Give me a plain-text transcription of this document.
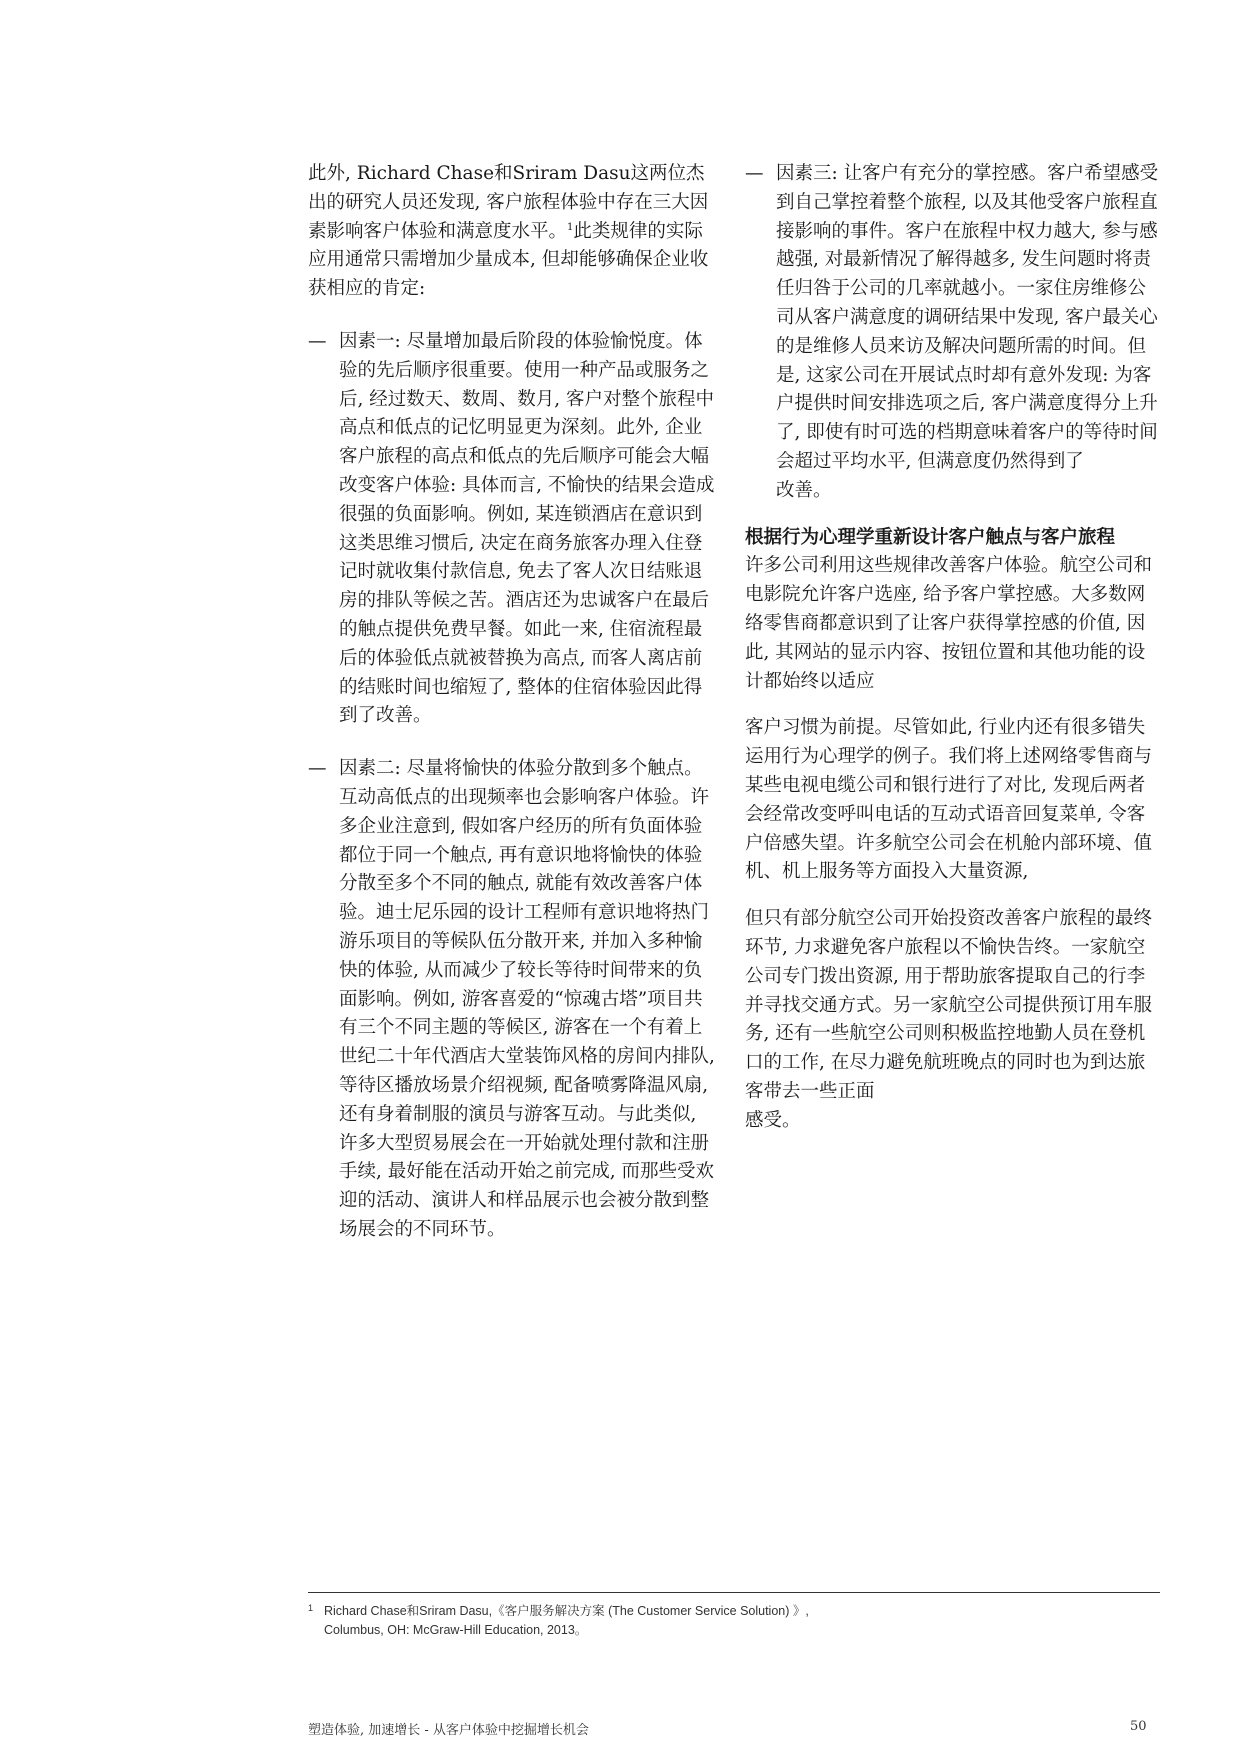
此外, Richard Chase和Sriram Dasu这两位杰出的研究人员还发现, 客户旅程体验中存在三大因素影响客户体验和满意度水平。$^1$此类规律的实际应用通常只需增加少量成本, 但却能够确保企业收获相应的肯定:

— 因素一: 尽量增加最后阶段的体验愉悦度。体验的先后顺序很重要。使用一种产品或服务之后, 经过数天、数周、数月, 客户对整个旅程中高点和低点的记忆明显更为深刻。此外, 企业客户旅程的高点和低点的先后顺序可能会大幅改变客户体验: 具体而言, 不愉快的结果会造成很强的负面影响。例如, 某连锁酒店在意识到这类思维习惯后, 决定在商务旅客办理入住登记时就收集付款信息, 免去了客人次日结账退房的排队等候之苦。酒店还为忠诚客户在最后的触点提供免费早餐。如此一来, 住宿流程最后的体验低点就被替换为高点, 而客人离店前的结账时间也缩短了, 整体的住宿体验因此得到了改善。
— 因素二: 尽量将愉快的体验分散到多个触点。 互动高低点的出现频率也会影响客户体验。许多企业注意到, 假如客户经历的所有负面体验都位于同一个触点, 再有意识地将愉快的体验分散至多个不同的触点, 就能有效改善客户体验。迪士尼乐园的设计工程师有意识地将热门游乐项目的等候队伍分散开来, 并加入多种愉快的体验, 从而减少了较长等待时间带来的负面影响。例如, 游客喜爱的“惊魂古塔”项目共有三个不同主题的等候区, 游客在一个有着上世纪二十年代酒店大堂装饰风格的房间内排队, 等待区播放场景介绍视频, 配备喷雾降温风扇, 还有身着制服的演员与游客互动。与此类似, 许多大型贸易展会在一开始就处理付款和注册手续, 最好能在活动开始之前完成, 而那些受欢迎的活动、演讲人和样品展示也会被分散到整场展会的不同环节。
— 因素三: 让客户有充分的掌控感。客户希望感受到自己掌控着整个旅程, 以及其他受客户旅程直接影响的事件。客户在旅程中权力越大, 参与感越强, 对最新情况了解得越多, 发生问题时将责任归咎于公司的几率就越小。一家住房维修公司从客户满意度的调研结果中发现, 客户最关心的是维修人员来访及解决问题所需的时间。但是, 这家公司在开展试点时却有意外发现: 为客户提供时间安排选项之后, 客户满意度得分上升了, 即使有时可选的档期意味着客户的等待时间会超过平均水平, 但满意度仍然得到了
改善。

根据行为心理学重新设计客户触点与客户旅程

许多公司利用这些规律改善客户体验。航空公司和电影院允许客户选座, 给予客户掌控感。大多数网络零售商都意识到了让客户获得掌控感的价值, 因此, 其网站的显示内容、按钮位置和其他功能的设计都始终以适应

客户习惯为前提。尽管如此, 行业内还有很多错失运用行为心理学的例子。我们将上述网络零售商与某些电视电缆公司和银行进行了对比, 发现后两者会经常改变呼叫电话的互动式语音回复菜单, 令客户倍感失望。许多航空公司会在机舱内部环境、值机、机上服务等方面投入大量资源,

但只有部分航空公司开始投资改善客户旅程的最终环节, 力求避免客户旅程以不愉快告终。一家航空公司专门拨出资源, 用于帮助旅客提取自己的行李并寻找交通方式。另一家航空公司提供预订用车服务, 还有一些航空公司则积极监控地勤人员在登机口的工作, 在尽力避免航班晚点的同时也为到达旅客带去一些正面
感受。

1 Richard Chase和Sriram Dasu,《客户服务解决方案 (The Customer Service Solution) 》,
Columbus, OH: McGraw-Hill Education, 2013。
塑造体验, 加速增长 - 从客户体验中挖掘增长机会	50
